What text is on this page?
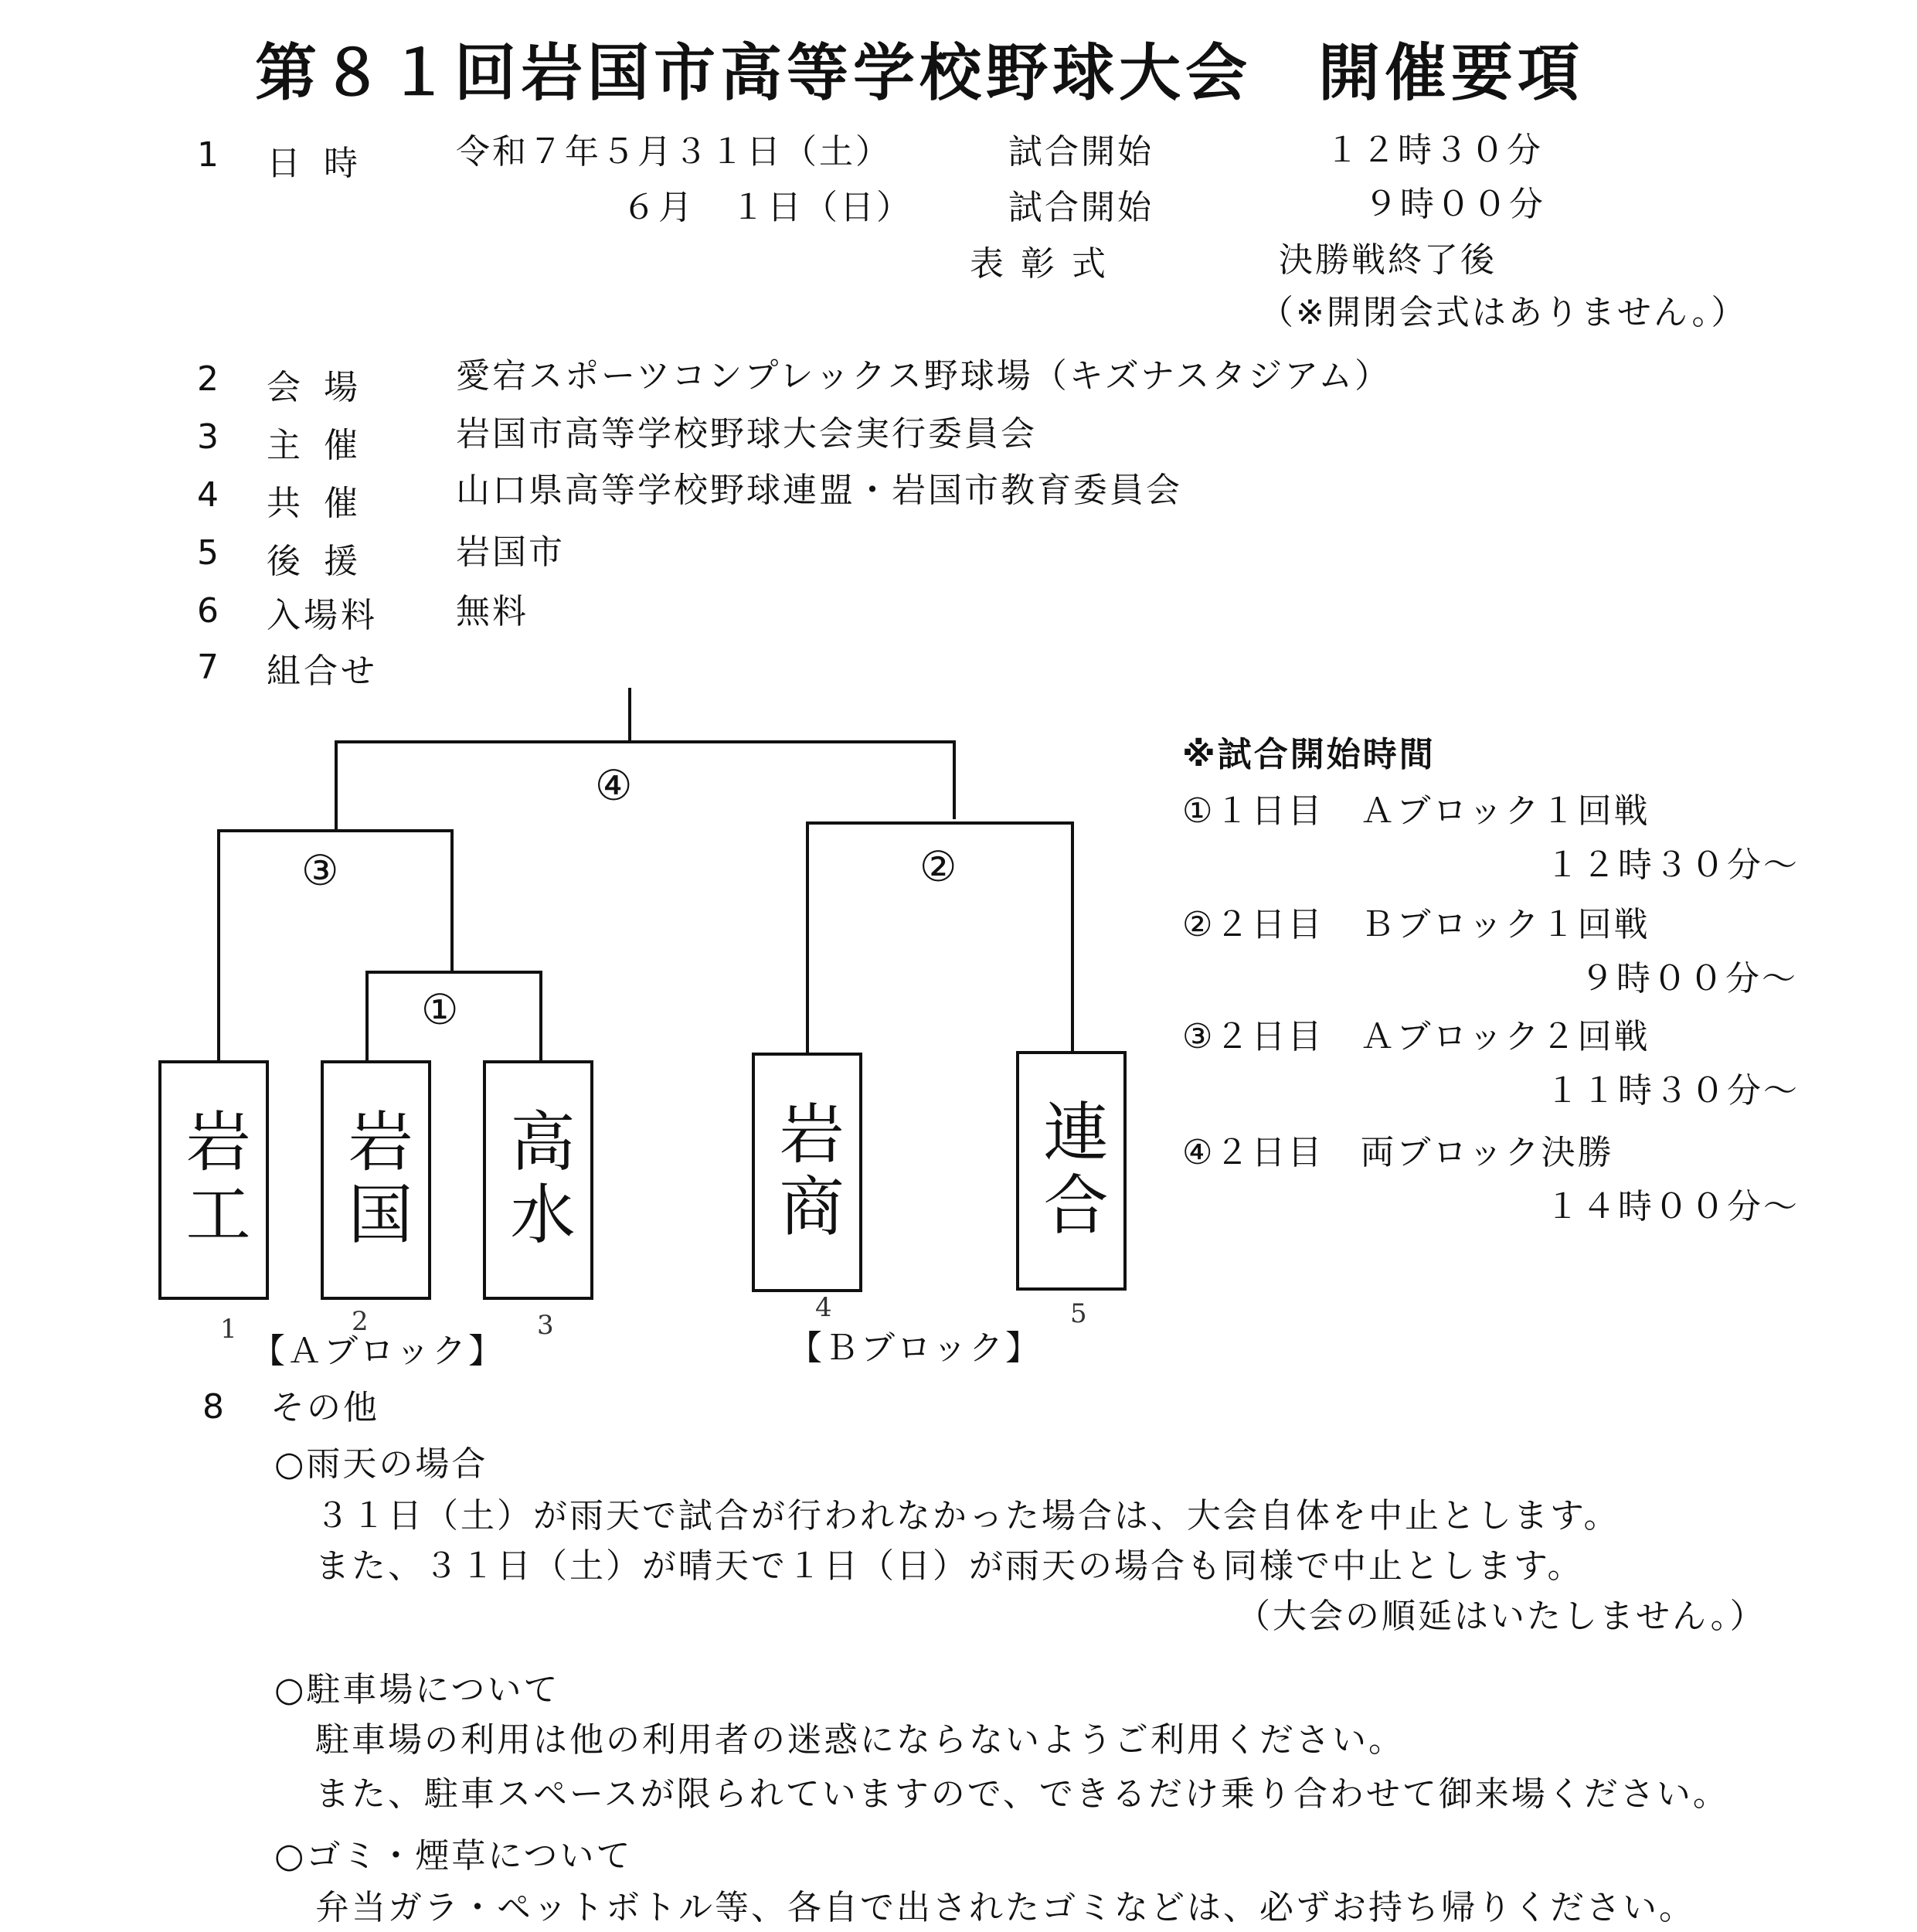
第８１回岩国市高等学校野球大会　開催要項
1 日時 令和７年５月３１日（土）	試合開始	１２時３０分
６月　１日（日）	試合開始	９時００分
表彰式	決勝戦終了後
（※開閉会式はありません。）
2 会場 愛宕スポーツコンプレックス野球場（キズナスタジアム）
3 主催 岩国市高等学校野球大会実行委員会
4 共催 山口県高等学校野球連盟・岩国市教育委員会
5 後援 岩国市
6 入場料 無料
7 組合せ
④
③	②
①
岩工 岩国 高水	岩商	連合
1	2	3
4	5
【Ａブロック】	【Ｂブロック】
※試合開始時間
①１日目　Ａブロック１回戦
１２時３０分～
②２日目　Ｂブロック１回戦
９時００分～
③２日目　Ａブロック２回戦
１１時３０分～
④２日目　両ブロック決勝
１４時００分～
8 その他
○雨天の場合
３１日（土）が雨天で試合が行われなかった場合は、大会自体を中止とします。
また、３１日（土）が晴天で１日（日）が雨天の場合も同様で中止とします。
（大会の順延はいたしません。）
○駐車場について
駐車場の利用は他の利用者の迷惑にならないようご利用ください。
また、駐車スペースが限られていますので、できるだけ乗り合わせて御来場ください。
○ゴミ・煙草について
弁当ガラ・ペットボトル等、各自で出されたゴミなどは、必ずお持ち帰りください。
